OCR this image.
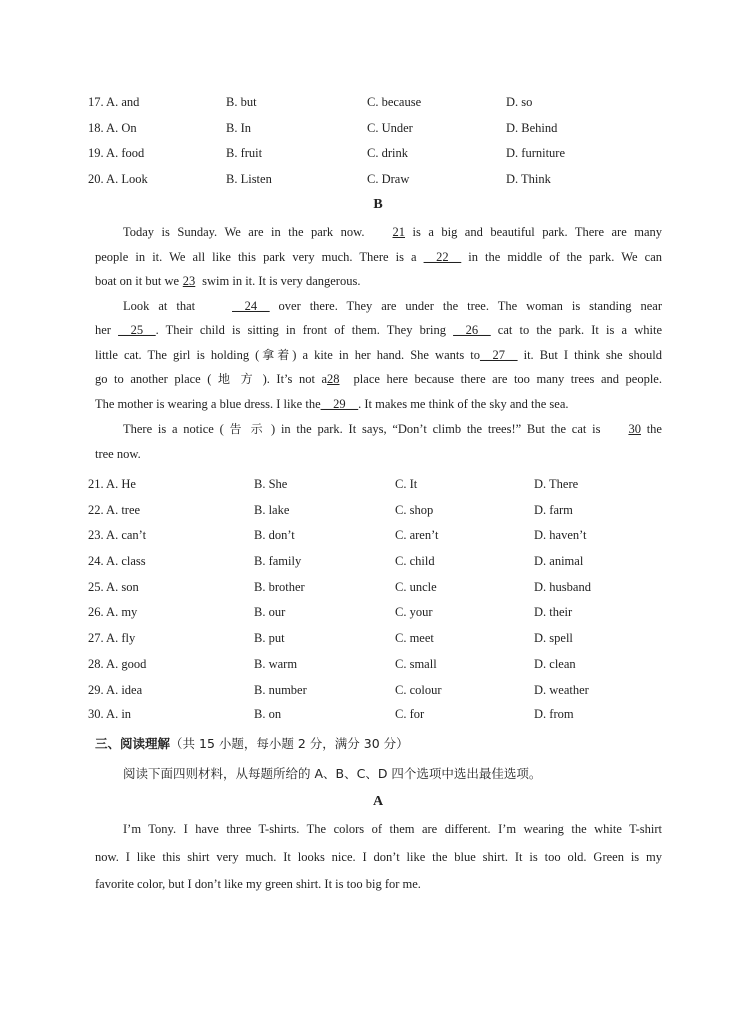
17. A. and	B. but	C. because	D. so
18. A. On	B. In	C. Under	D. Behind
19. A. food	B. fruit	C. drink	D. furniture
20. A. Look	B. Listen	C. Draw	D. Think
B
Today is Sunday. We are in the park now. 21 is a big and beautiful park. There are many
people in it. We all like this park very much. There is a __22__ in the middle of the park. We can
boat on it but we 23 swim in it. It is very dangerous.
Look at that __24__ over there. They are under the tree. The woman is standing near
her __25__. Their child is sitting in front of them. They bring __26__ cat to the park. It is a white
little cat. The girl is holding (拿着) a kite in her hand. She wants to__27__ it. But I think she should
go to another place ( 地 方 ). It’s not a28 place here because there are too many trees and people.
The mother is wearing a blue dress. I like the__29__. It makes me think of the sky and the sea.
There is a notice ( 告 示 ) in the park. It says, “Don’t climb the trees!” But the cat is 30 the
tree now.
21. A. He	B. She	C. It	D. There
22. A. tree	B. lake	C. shop	D. farm
23. A. can’t	B. don’t	C. aren’t	D. haven’t
24. A. class	B. family	C. child	D. animal
25. A. son	B. brother	C. uncle	D. husband
26. A. my	B. our	C. your	D. their
27. A. fly	B. put	C. meet	D. spell
28. A. good	B. warm	C. small	D. clean
29. A. idea	B. number	C. colour	D. weather
30. A. in	B. on	C. for	D. from
三、阅读理解（共 15 小题，每小题 2 分，满分 30 分）
阅读下面四则材料，从每题所给的 A、B、C、D 四个选项中选出最佳选项。
A
I’m Tony. I have three T-shirts. The colors of them are different. I’m wearing the white T-shirt
now. I like this shirt very much. It looks nice. I don’t like the blue shirt. It is too old. Green is my
favorite color, but I don’t like my green shirt. It is too big for me.
